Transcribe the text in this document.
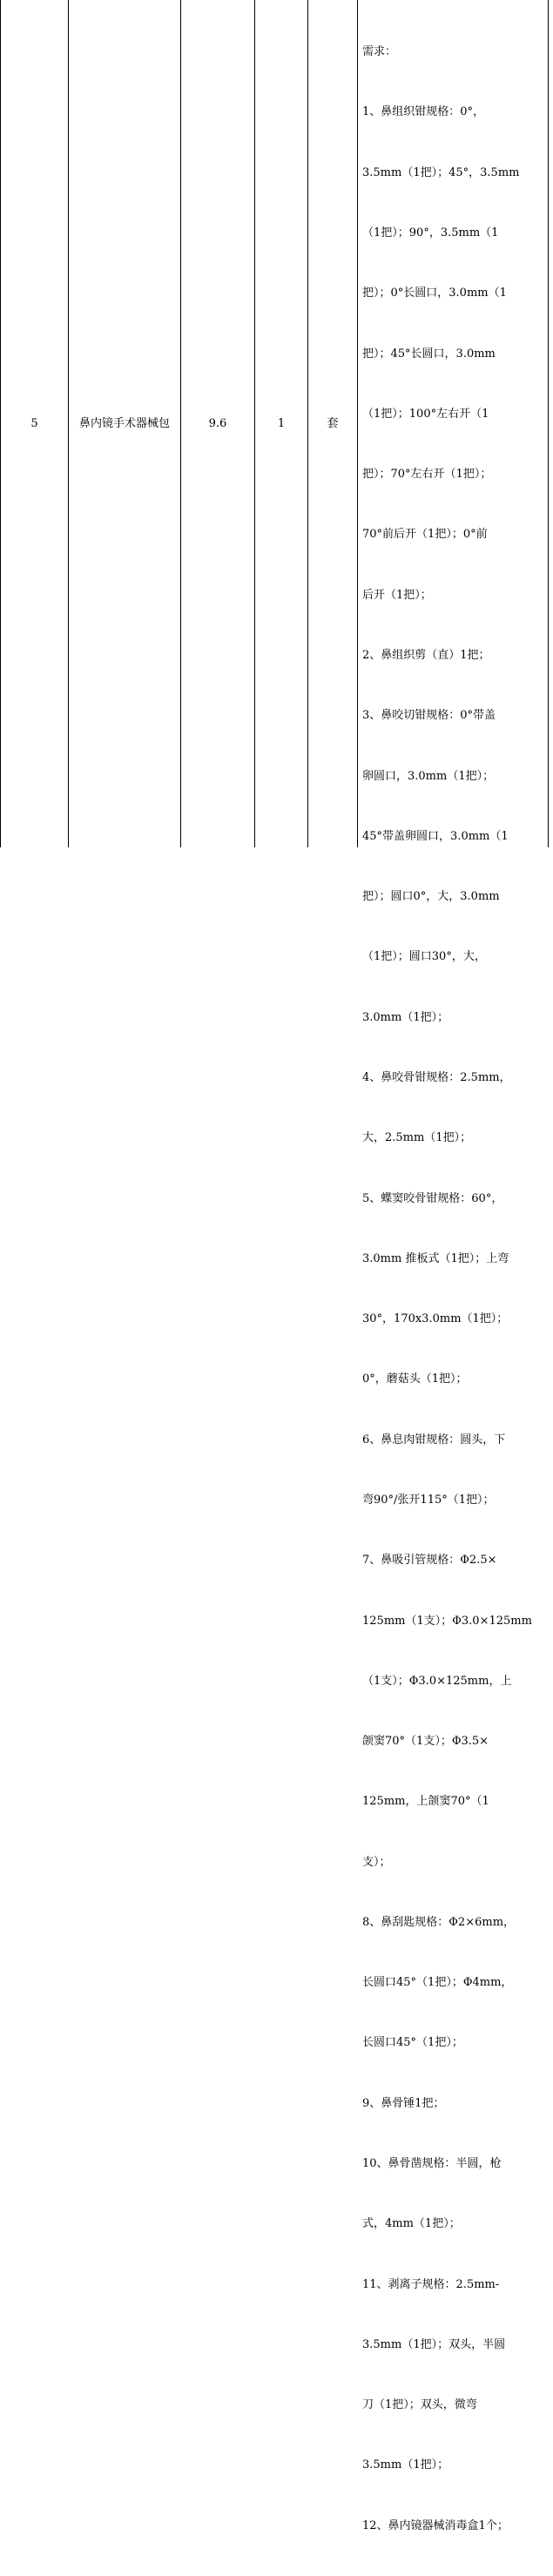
5	鼻内镜手术器械包	9.6	1	套

需求：

1、鼻组织钳规格：0°，

3.5mm（1把）；45°，3.5mm

（1把）；90°，3.5mm（1

把）；0°长圆口，3.0mm（1

把）；45°长圆口，3.0mm

（1把）；100°左右开（1

把）；70°左右开（1把）；

70°前后开（1把）；0°前

后开（1把）；

2、鼻组织剪（直）1把；

3、鼻咬切钳规格：0°带盖

卵圆口，3.0mm（1把）；

45°带盖卵圆口，3.0mm（1

把）；圆口0°，大，3.0mm

（1把）；圆口30°，大，

3.0mm（1把）；

4、鼻咬骨钳规格：2.5mm，

大，2.5mm（1把）；

5、蝶窦咬骨钳规格：60°，

3.0mm 推板式（1把）；上弯

30°，170x3.0mm（1把）；

0°，蘑菇头（1把）；

6、鼻息肉钳规格：圆头，下

弯90°/张开115°（1把）；

7、鼻吸引管规格：Φ2.5×

125mm（1支）；Φ3.0×125mm

（1支）；Φ3.0×125mm，上

颌窦70°（1支）；Φ3.5×

125mm，上颌窦70°（1

支）；

8、鼻刮匙规格：Φ2×6mm，

长圆口45°（1把）；Φ4mm，

长圆口45°（1把）；

9、鼻骨锤1把；

10、鼻骨凿规格：半圆，枪

式，4mm（1把）；

11、剥离子规格：2.5mm-

3.5mm（1把）；双头，半圆

刀（1把）；双头，微弯

3.5mm（1把）；

12、鼻内镜器械消毒盒1个；
